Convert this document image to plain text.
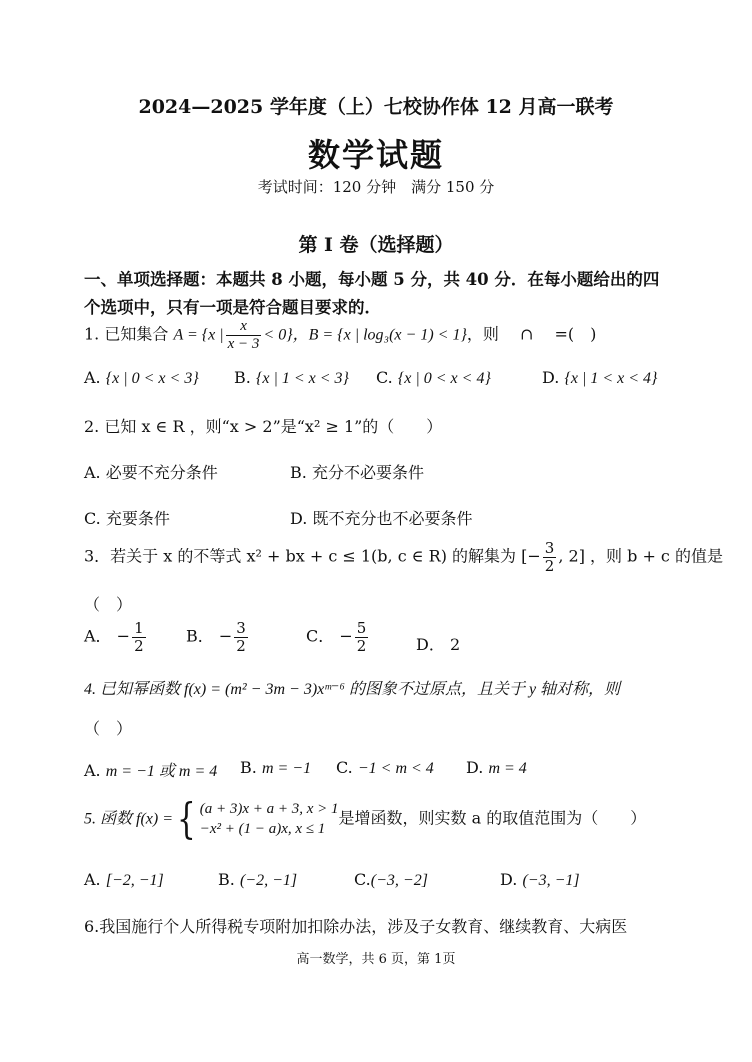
2024—2025 学年度（上）七校协作体 12 月高一联考
数学试题
考试时间：120 分钟　满分 150 分
第 I 卷（选择题）
一、单项选择题：本题共 8 小题，每小题 5 分，共 40 分．在每小题给出的四
个选项中，只有一项是符合题目要求的．
1. 已知集合 A = {x | $\frac{x}{x - 3} < 0$}，B = {x | log₃(x − 1) < 1}，则 　∩　 =(　)
A. {x | 0 < x < 3} B. {x | 1 < x < 3} C. {x | 0 < x < 4}	D. {x | 1 < x < 4}
2. 已知 x ∈ R ，则“x > 2”是“x² ≥ 1”的（　　）
A. 必要不充分条件	B. 充分不必要条件
C. 充要条件	D. 既不充分也不必要条件
3．若关于 x 的不等式 x² + bx + c ≤ 1(b, c ∈ R) 的解集为 [− $\frac{3}{2}$ , 2] ，则 b + c 的值是
（　）
A． − $\frac{1}{2}$	B． − $\frac{3}{2}$	C． − $\frac{5}{2}$	D． 2
4. 已知幂函数 f(x) = (m² − 3m − 3)xᵐ⁻⁶ 的图象不过原点，且关于 y 轴对称，则
（　）
A. m = −1 或 m = 4 B. m = −1 C. −1 < m < 4 D. m = 4
5. 函数 f(x) ={ (a + 3)x + a + 3, x > 1
−x² + (1 − a)x, x ≤ 1
是增函数，则实数 a 的取值范围为（　　）
A. [−2, −1]	B. (−2, −1]	C.(−3, −2]	D. (−3, −1]
6.我国施行个人所得税专项附加扣除办法，涉及子女教育、继续教育、大病医
高一数学，共 6 页，第 1页
